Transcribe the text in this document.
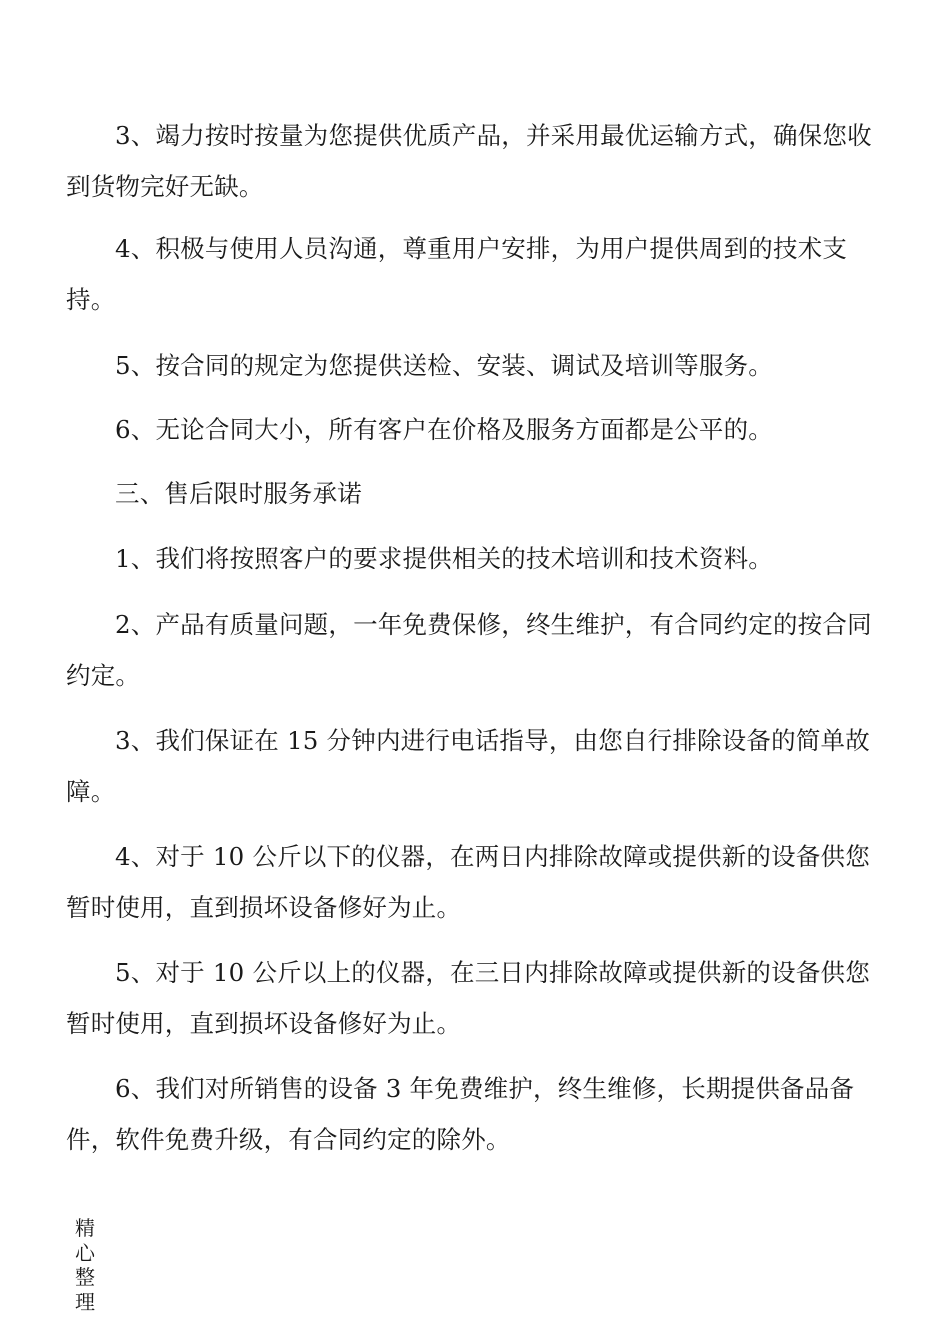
3、竭力按时按量为您提供优质产品，并采用最优运输方式，确保您收到货物完好无缺。

4、积极与使用人员沟通，尊重用户安排，为用户提供周到的技术支持。

5、按合同的规定为您提供送检、安装、调试及培训等服务。

6、无论合同大小，所有客户在价格及服务方面都是公平的。

三、售后限时服务承诺

1、我们将按照客户的要求提供相关的技术培训和技术资料。

2、产品有质量问题，一年免费保修，终生维护，有合同约定的按合同约定。

3、我们保证在 15 分钟内进行电话指导，由您自行排除设备的简单故障。

4、对于 10 公斤以下的仪器，在两日内排除故障或提供新的设备供您暂时使用，直到损坏设备修好为止。

5、对于 10 公斤以上的仪器，在三日内排除故障或提供新的设备供您暂时使用，直到损坏设备修好为止。

6、我们对所销售的设备 3 年免费维护，终生维修，长期提供备品备件，软件免费升级，有合同约定的除外。

精
心
整
理
